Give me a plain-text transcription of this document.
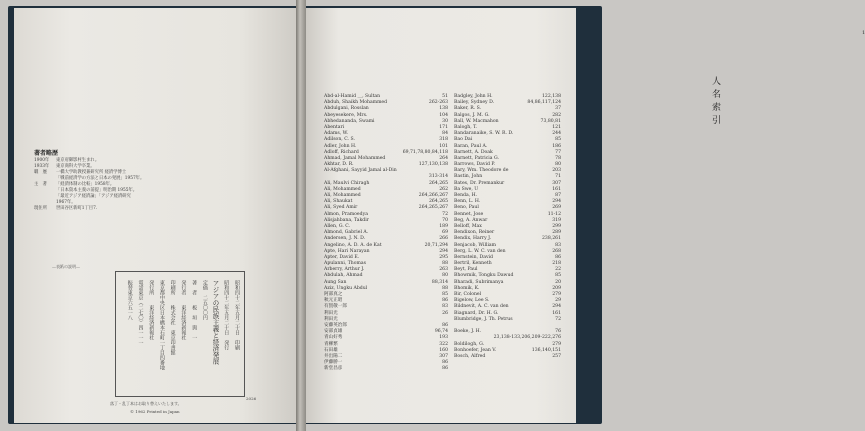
著者略歴
1900年 東京府御影村生まれ。
1933年 東京商科大学卒業。
職　歴 一橋大学助教授兼研究所 経済学博士
「戦前経済学の方法と日本の発展」1957年。
主　著 「経済体制の比較」1958年。
「日本資本主義の前提」明治期 1955年。
「最近アジア経済論」「アジア経済研究
1967年。
現住所 世田谷区新町1丁目7.
—表紙の説明—
昭和四十二年五月二十日　印刷
昭和四十二年五月二十日　発行
アジアの民族主義と経済発展
定価　二五〇〇円
著　者　　板　垣　與　一
発行者　　東洋経済新報社
印刷所　　株式会社　東京印書館
東京都中央区日本橋本石町一丁目四番地
発行所　　東洋経済新報社
電話東京（二七〇）四一一一
振替東京六五一八
落丁・乱丁本はお取り替えいたします。
© 1962 Printed in Japan
2026
1
人名索引
Abd-al-Hamid ＿, Sultan	51
Abduh, Shaikh Mohammed	262-263
Abdulgani, Rosslan	138
Abeyesekere, Mrs.	104
Abhedananda, Swami	30
Abentari	171
Adams, W.	84
Adilson, C. S.	318
Adler, John H.	101
Adloff, Richard	69,71,78,80,84,118
Ahmad, Jamal Mohammed	264
Akhtar, D. R.	127,130,138
Al-Afghani, Sayyid Jamal al-Din
313-314
Ali, Maulvi Chiragh	264,265
Ali, Mohammed	262
Ali, Mohammed	264,266,267
Ali, Shaukat	264,265
Ali, Syed Amir	264,265,267
Almon, Pramoedya	72
Alisjahbana, Takdir	70
Allen, G. C.	189
Almond, Gabriel A.	69
Andersen, J. N. D.	266
Angelino, A. D. A. de Kat	20,71,294
Apte, Hari Narayan	294
Apter, David E.	295
Apulanni, Thomas	88
Arberry, Arthur J.	263
Abdulah, Ahmad	80
Aung San	88,314
Aziz, Ungku Abdul	88
阿部真之	85
秋元正昭	86
有賀敬一郎	83
利田光	26
利田光
安藤英治郎	86
安部貞雄	96,74
青山好秀	193
青柳繁	322
石田雄	160
井出陽二	307
伊藤勝一	86
新堂昌彦	86
Badgley, John H.	122,138
Bailey, Sydney D.	84,86,117,124
Baker, R. S.	37
Balgos, J. M. G.	282
Ball, W. Macmahon	73,80,81
Balogh, T.	121
Bandaranaike, S. W. R. D.	244
Bao Dai	85
Baran, Paul A.	186
Barnett, A. Doak	77
Barnett, Patricia G.	78
Barrows, David P.	80
Bary, Wm. Theodore de	203
Bastin, John	71
Bates, Dr. Premankur	307
Ba Swe, U	161
Benda, H.	87
Benn, L. H.	294
Beno, Paul	269
Bennet, Jose	11-12
Beg, A. Anwar	319
Belloff, Max	299
Bendixon, Reiner	289
Bendix, Harry J.	238,261
Benjacob, William	83
Berg, L. W. C. van den	268
Bernstein, David	86
Bertril, Kenneth	218
Beyt, Paul	22
Bhowmik, Tongku Dawud	85
Bharadi, Subrimanya	20
Bhomik, K.	209
Bir, Colonel	279
Bigelow, Lee S.	29
Bildnevit, A. C. van den	294
Biagnard, Dr. H. G.	161
Blumbridge, J. Th. Petrus	72
Boeke, J. H.	76
23,138-133,206,209-222,276
Boldilogh, G.	279
Bonhoefer, Jean V.	136,140,151
Bosch, Alfred	257
